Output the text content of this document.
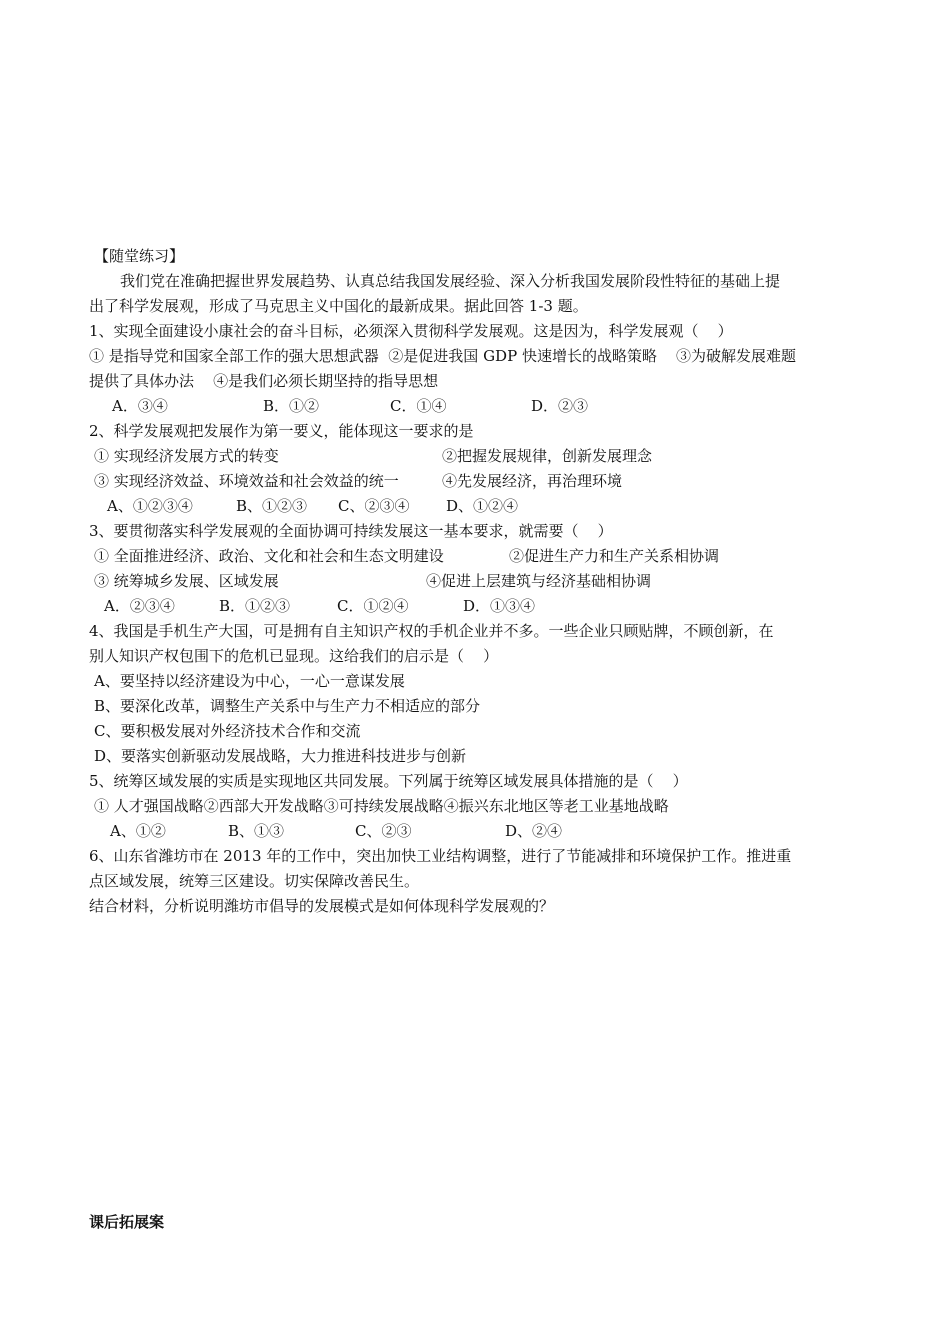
【随堂练习】
我们党在准确把握世界发展趋势、认真总结我国发展经验、深入分析我国发展阶段性特征的基础上提
出了科学发展观，形成了马克思主义中国化的最新成果。据此回答 1-3 题。
1、实现全面建设小康社会的奋斗目标，必须深入贯彻科学发展观。这是因为，科学发展观（    ）
① 是指导党和国家全部工作的强大思想武器  ②是促进我国 GDP 快速增长的战略策略    ③为破解发展难题
提供了具体办法    ④是我们必须长期坚持的指导思想
A．③④	B．①②	C．①④	D．②③
2、科学发展观把发展作为第一要义，能体现这一要求的是
① 实现经济发展方式的转变	②把握发展规律，创新发展理念
③ 实现经济效益、环境效益和社会效益的统一	④先发展经济，再治理环境
A、①②③④	B、①②③ C、②③④ D、①②④
3、要贯彻落实科学发展观的全面协调可持续发展这一基本要求，就需要（    ）
① 全面推进经济、政治、文化和社会和生态文明建设	②促进生产力和生产关系相协调
③ 统筹城乡发展、区域发展	④促进上层建筑与经济基础相协调
A．②③④	B．①②③	C．①②④	D．①③④
4、我国是手机生产大国，可是拥有自主知识产权的手机企业并不多。一些企业只顾贴牌，不顾创新，在
别人知识产权包围下的危机已显现。这给我们的启示是（    ）
A、要坚持以经济建设为中心，一心一意谋发展
B、要深化改革，调整生产关系中与生产力不相适应的部分
C、要积极发展对外经济技术合作和交流
D、要落实创新驱动发展战略，大力推进科技进步与创新
5、统筹区域发展的实质是实现地区共同发展。下列属于统筹区域发展具体措施的是（    ）
① 人才强国战略②西部大开发战略③可持续发展战略④振兴东北地区等老工业基地战略
A、①②	B、①③	C、②③	D、②④
6、山东省潍坊市在 2013 年的工作中，突出加快工业结构调整，进行了节能减排和环境保护工作。推进重
点区域发展，统筹三区建设。切实保障改善民生。
结合材料，分析说明潍坊市倡导的发展模式是如何体现科学发展观的？
课后拓展案
